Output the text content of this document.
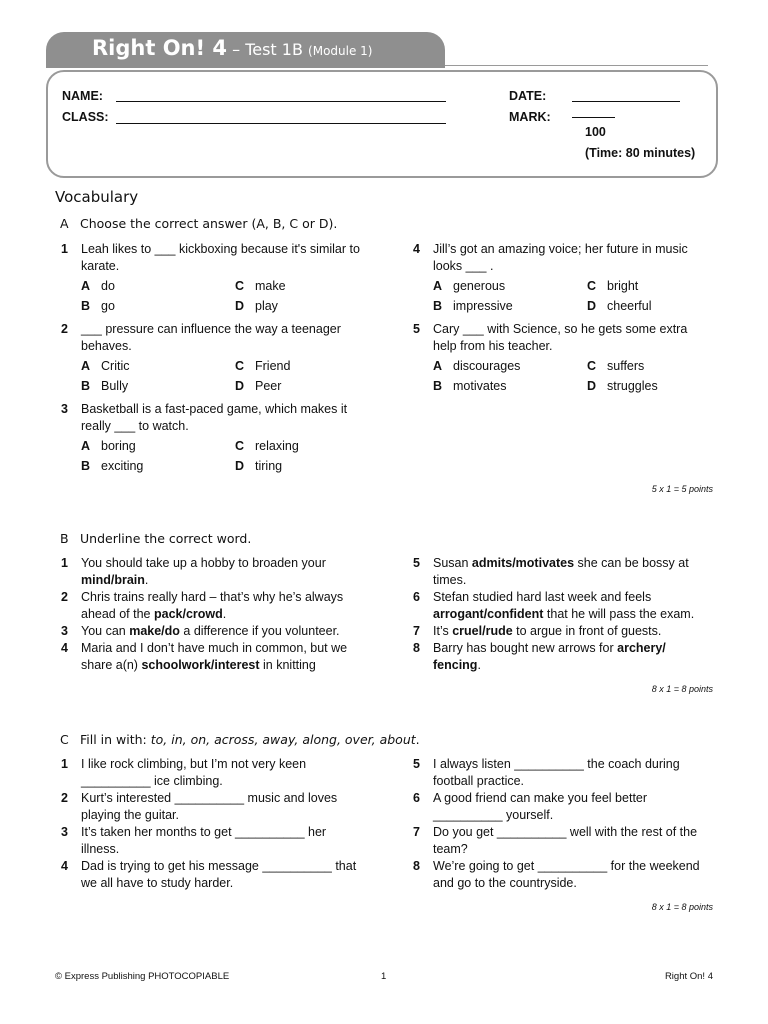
Right On! 4 – Test 1B (Module 1)
NAME:
CLASS:
DATE:
MARK:
100
(Time: 80 minutes)
Vocabulary
A Choose the correct answer (A, B, C or D).
1 Leah likes to ___ kickboxing because it's similar to karate.
A do	C make
B go	D play
2 ___ pressure can influence the way a teenager behaves.
A Critic	C Friend
B Bully	D Peer
3 Basketball is a fast-paced game, which makes it really ___ to watch.
A boring	C relaxing
B exciting	D tiring
4 Jill’s got an amazing voice; her future in music looks ___ .
A generous	C bright
B impressive	D cheerful
5 Cary ___ with Science, so he gets some extra help from his teacher.
A discourages	C suffers
B motivates	D struggles
5 x 1 = 5 points
B Underline the correct word.
1 You should take up a hobby to broaden your mind/brain.
2 Chris trains really hard – that’s why he’s always ahead of the pack/crowd.
3 You can make/do a difference if you volunteer.
4 Maria and I don’t have much in common, but we share a(n) schoolwork/interest in knitting
5 Susan admits/motivates she can be bossy at times.
6 Stefan studied hard last week and feels arrogant/confident that he will pass the exam.
7 It’s cruel/rude to argue in front of guests.
8 Barry has bought new arrows for archery/ fencing.
8 x 1 = 8 points
C Fill in with: to, in, on, across, away, along, over, about.
1 I like rock climbing, but I’m not very keen __________ ice climbing.
2 Kurt’s interested __________ music and loves playing the guitar.
3 It’s taken her months to get __________ her illness.
4 Dad is trying to get his message __________ that we all have to study harder.
5 I always listen __________ the coach during football practice.
6 A good friend can make you feel better __________ yourself.
7 Do you get __________ well with the rest of the team?
8 We’re going to get __________ for the weekend and go to the countryside.
8 x 1 = 8 points
© Express Publishing PHOTOCOPIABLE	1	Right On! 4
